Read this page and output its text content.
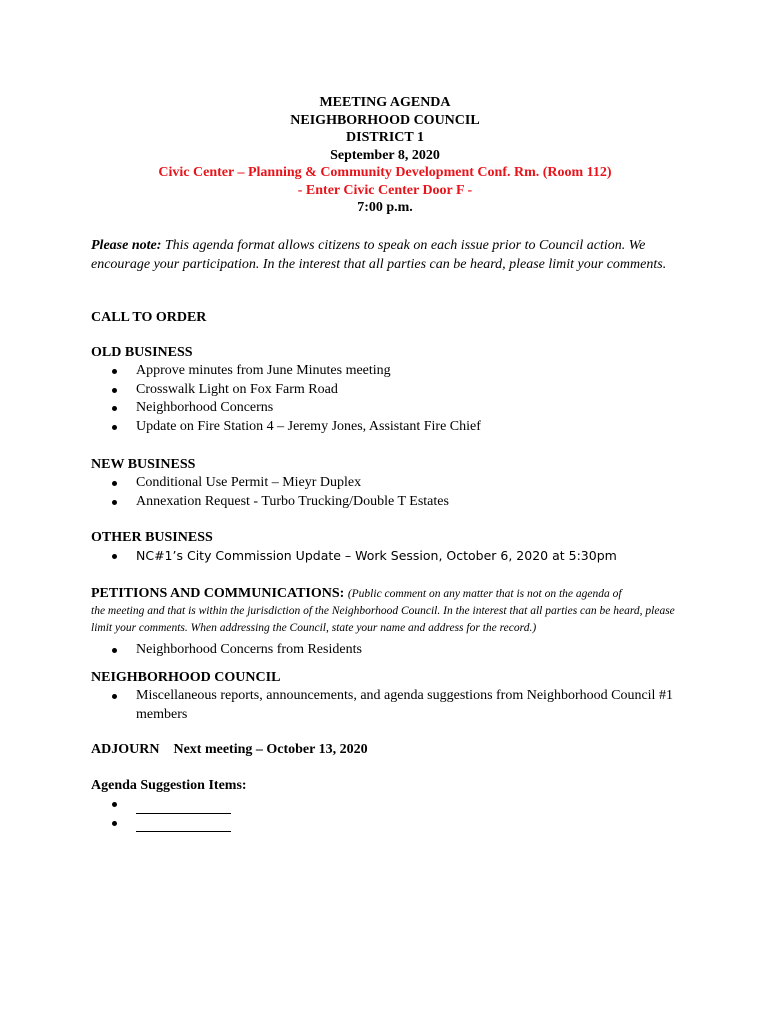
MEETING AGENDA
NEIGHBORHOOD COUNCIL
DISTRICT 1
September 8, 2020
Civic Center – Planning & Community Development Conf. Rm. (Room 112)
- Enter Civic Center Door F -
7:00 p.m.
Please note: This agenda format allows citizens to speak on each issue prior to Council action. We encourage your participation. In the interest that all parties can be heard, please limit your comments.
CALL TO ORDER
OLD BUSINESS
Approve minutes from June Minutes meeting
Crosswalk Light on Fox Farm Road
Neighborhood Concerns
Update on Fire Station 4 – Jeremy Jones, Assistant Fire Chief
NEW BUSINESS
Conditional Use Permit – Mieyr Duplex
Annexation Request - Turbo Trucking/Double T Estates
OTHER BUSINESS
NC#1’s City Commission Update – Work Session, October 6, 2020 at 5:30pm
PETITIONS AND COMMUNICATIONS: (Public comment on any matter that is not on the agenda of
the meeting and that is within the jurisdiction of the Neighborhood Council. In the interest that all parties can be heard, please limit your comments. When addressing the Council, state your name and address for the record.)
Neighborhood Concerns from Residents
NEIGHBORHOOD COUNCIL
Miscellaneous reports, announcements, and agenda suggestions from Neighborhood Council #1 members
ADJOURN Next meeting – October 13, 2020
Agenda Suggestion Items:
